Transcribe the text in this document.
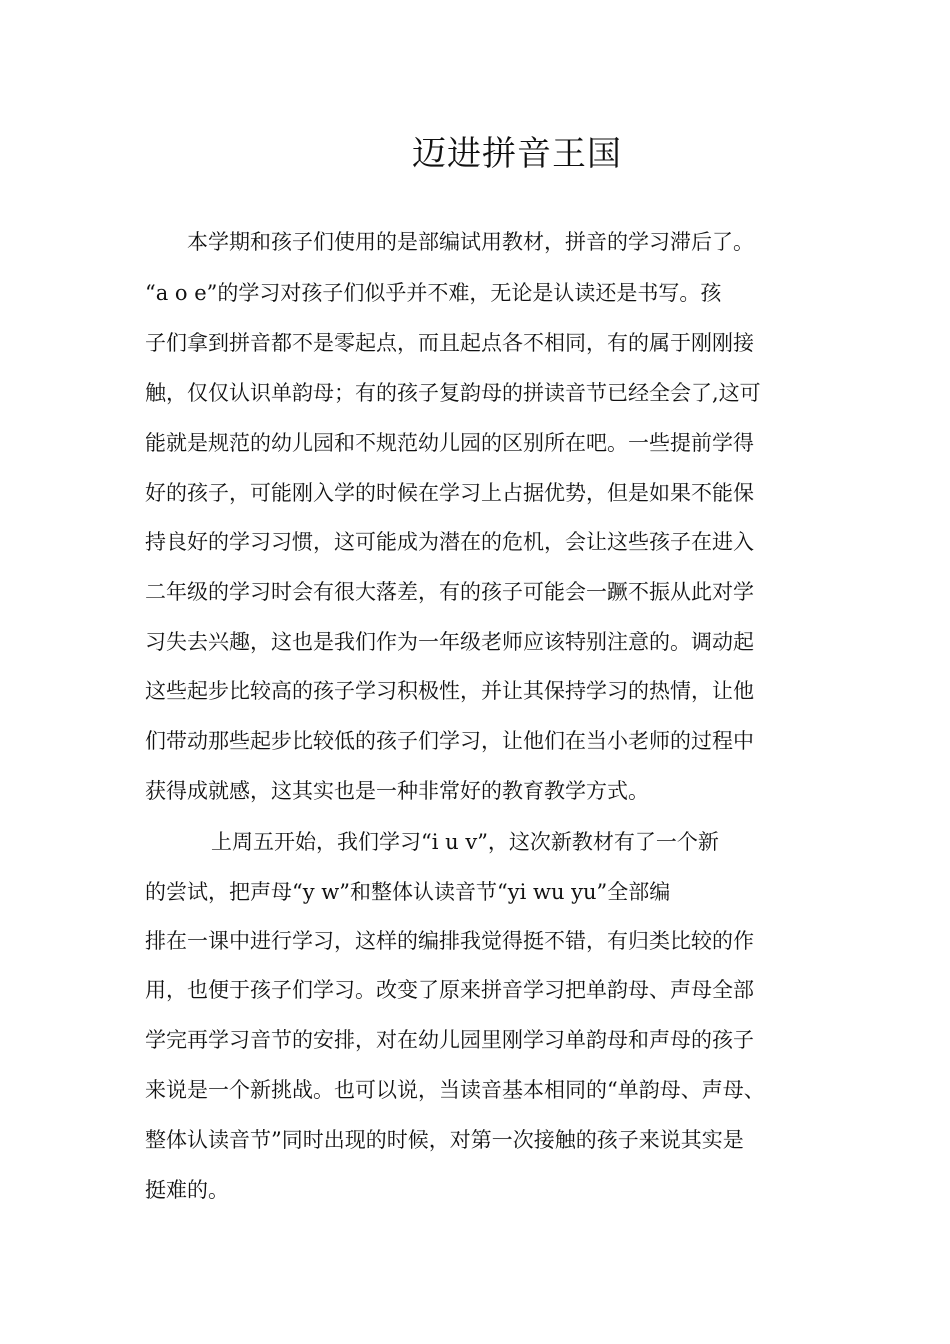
迈进拼音王国
本学期和孩子们使用的是部编试用教材，拼音的学习滞后了。
“a o e”的学习对孩子们似乎并不难，无论是认读还是书写。孩
子们拿到拼音都不是零起点，而且起点各不相同，有的属于刚刚接
触，仅仅认识单韵母；有的孩子复韵母的拼读音节已经全会了,这可
能就是规范的幼儿园和不规范幼儿园的区别所在吧。一些提前学得
好的孩子，可能刚入学的时候在学习上占据优势，但是如果不能保
持良好的学习习惯，这可能成为潜在的危机，会让这些孩子在进入
二年级的学习时会有很大落差，有的孩子可能会一蹶不振从此对学
习失去兴趣，这也是我们作为一年级老师应该特别注意的。调动起
这些起步比较高的孩子学习积极性，并让其保持学习的热情，让他
们带动那些起步比较低的孩子们学习，让他们在当小老师的过程中
获得成就感，这其实也是一种非常好的教育教学方式。
上周五开始，我们学习“i u v”，这次新教材有了一个新
的尝试，把声母“y w”和整体认读音节“yi wu yu”全部编
排在一课中进行学习，这样的编排我觉得挺不错，有归类比较的作
用，也便于孩子们学习。改变了原来拼音学习把单韵母、声母全部
学完再学习音节的安排，对在幼儿园里刚学习单韵母和声母的孩子
来说是一个新挑战。也可以说，当读音基本相同的“单韵母、声母、
整体认读音节”同时出现的时候，对第一次接触的孩子来说其实是
挺难的。
